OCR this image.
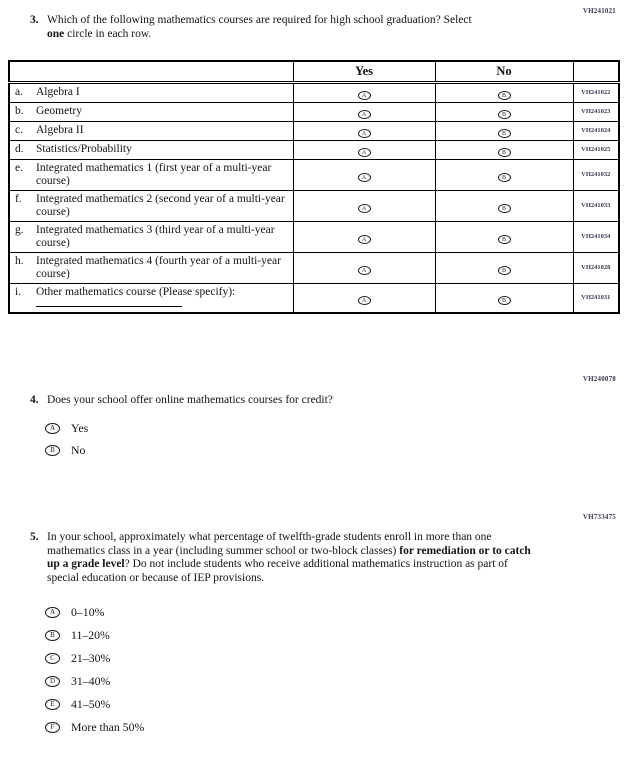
VH241021
3. Which of the following mathematics courses are required for high school graduation? Select one circle in each row.
	Yes	No	

a. Algebra I	A	B	VH241022

b. Geometry	A	B	VH241023

c. Algebra II	A	B	VH241024

d. Statistics/Probability	A	B	VH241025

e. Integrated mathematics 1 (first year of a multi-year course)	A	B	VH241032

f. Integrated mathematics 2 (second year of a multi-year course)	A	B	VH241033

g. Integrated mathematics 3 (third year of a multi-year course)	A	B	VH241034

h. Integrated mathematics 4 (fourth year of a multi-year course)	A	B	VH241028

i. Other mathematics course (Please specify):	A	B	VH241031
VH240078
4. Does your school offer online mathematics courses for credit?
A Yes
B No
VH733475
5. In your school, approximately what percentage of twelfth-grade students enroll in more than one mathematics class in a year (including summer school or two-block classes) for remediation or to catch up a grade level? Do not include students who receive additional mathematics instruction as part of special education or because of IEP provisions.
A 0–10%
B 11–20%
C 21–30%
D 31–40%
E 41–50%
F More than 50%
